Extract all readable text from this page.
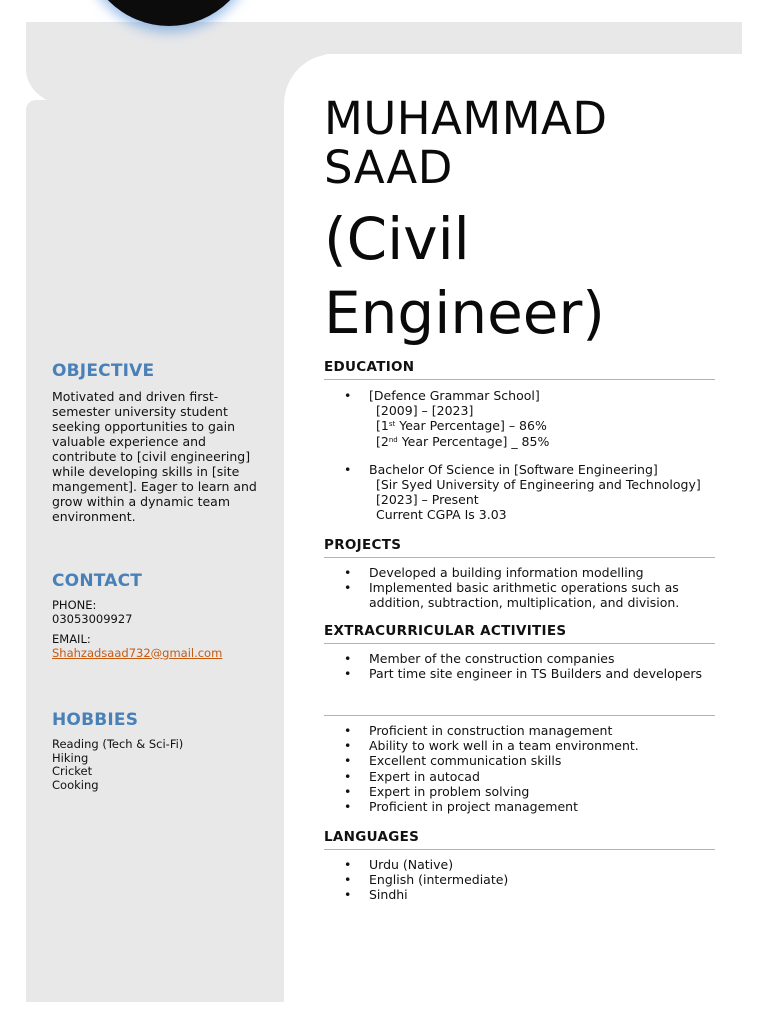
OBJECTIVE
Motivated and driven first-semester university student seeking opportunities to gain valuable experience and contribute to [civil engineering] while developing skills in [site mangement]. Eager to learn and grow within a dynamic team environment.
CONTACT
PHONE:
03053009927
EMAIL:
Shahzadsaad732@gmail.com
HOBBIES
Reading (Tech & Sci-Fi)
Hiking
Cricket
Cooking
MUHAMMAD
SAAD
(Civil
Engineer)
EDUCATION
• [Defence Grammar School]
[2009] – [2023]
[1st Year Percentage] – 86%
[2nd Year Percentage] _ 85%
• Bachelor Of Science in [Software Engineering]
[Sir Syed University of Engineering and Technology]
[2023] – Present
Current CGPA Is 3.03
PROJECTS
• Developed a building information modelling
• Implemented basic arithmetic operations such as addition, subtraction, multiplication, and division.
EXTRACURRICULAR ACTIVITIES
• Member of the construction companies
• Part time site engineer in TS Builders and developers
• Proficient in construction management
• Ability to work well in a team environment.
• Excellent communication skills
• Expert in autocad
• Expert in problem solving
• Proficient in project management
LANGUAGES
• Urdu (Native)
• English (intermediate)
• Sindhi
